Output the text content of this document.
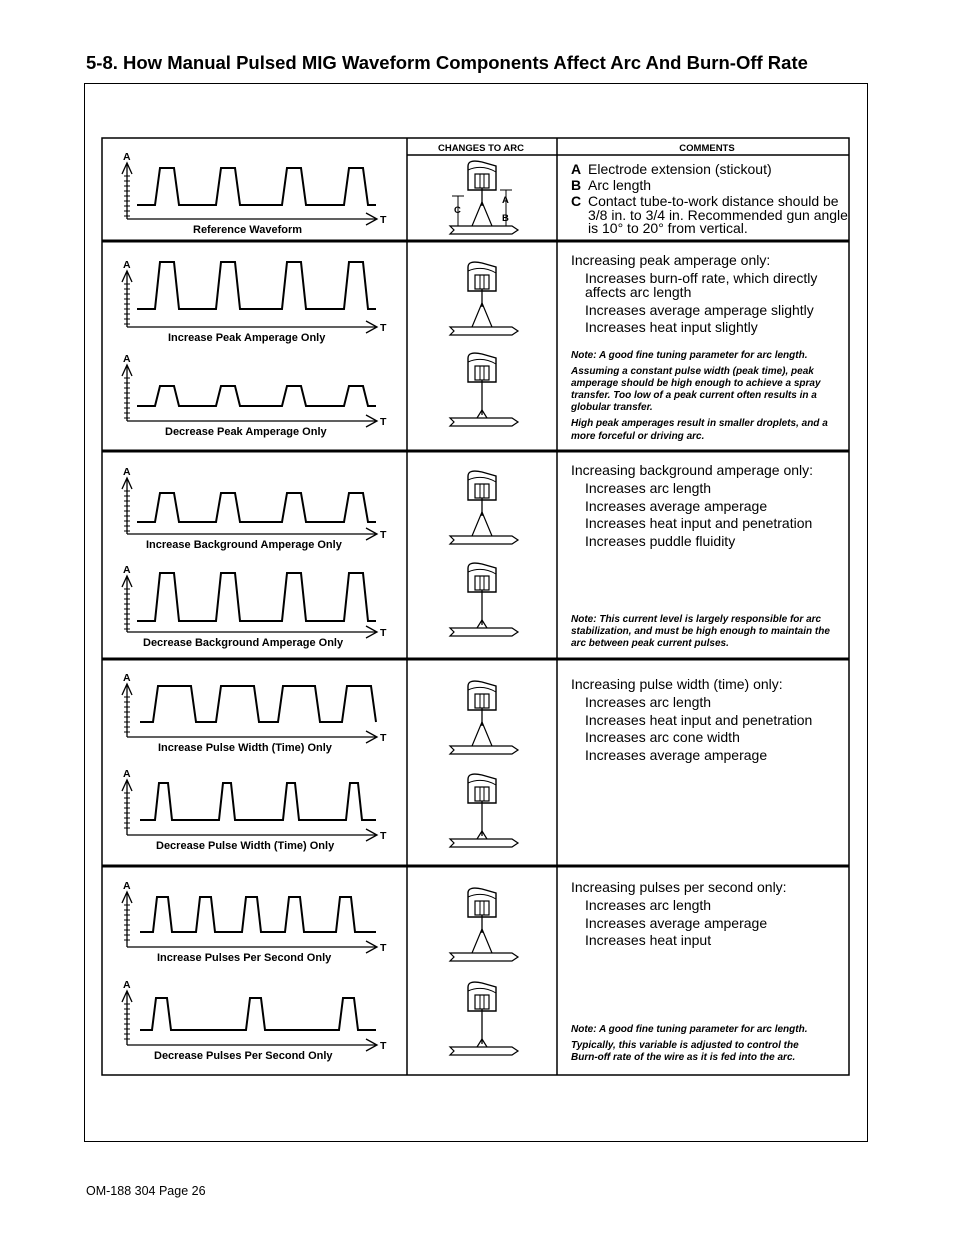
5-8. How Manual Pulsed MIG Waveform Components Affect Arc And Burn-Off Rate
CHANGES TO ARC	COMMENTS
A
T
Reference Waveform
A
T
Increase Peak Amperage Only
A
T
Decrease Peak Amperage Only
A
T
Increase Background Amperage Only
A
T
Decrease Background Amperage Only
A
T
Increase Pulse Width (Time) Only
A
T
Decrease Pulse Width (Time) Only
A
T
Increase Pulses Per Second Only
A
T
Decrease Pulses Per Second Only
C
A
B
A Electrode extension (stickout)
B Arc length
C Contact tube-to-work distance should be
3/8 in. to 3/4 in. Recommended gun angle
is 10° to 20° from vertical.
Increasing peak amperage only:
Increases burn-off rate, which directly
affects arc length
Increases average amperage slightly
Increases heat input slightly
Note: A good fine tuning parameter for arc length.
Assuming a constant pulse width (peak time), peak
amperage should be high enough to achieve a spray
transfer. Too low of a peak current often results in a
globular transfer.
High peak amperages result in smaller droplets, and a
more forceful or driving arc.
Increasing background amperage only:
Increases arc length
Increases average amperage
Increases heat input and penetration
Increases puddle fluidity
Note: This current level is largely responsible for arc
stabilization, and must be high enough to maintain the
arc between peak current pulses.
Increasing pulse width (time) only:
Increases arc length
Increases heat input and penetration
Increases arc cone width
Increases average amperage
Increasing pulses per second only:
Increases arc length
Increases average amperage
Increases heat input
Note: A good fine tuning parameter for arc length.
Typically, this variable is adjusted to control the
Burn-off rate of the wire as it is fed into the arc.
OM-188 304 Page 26
